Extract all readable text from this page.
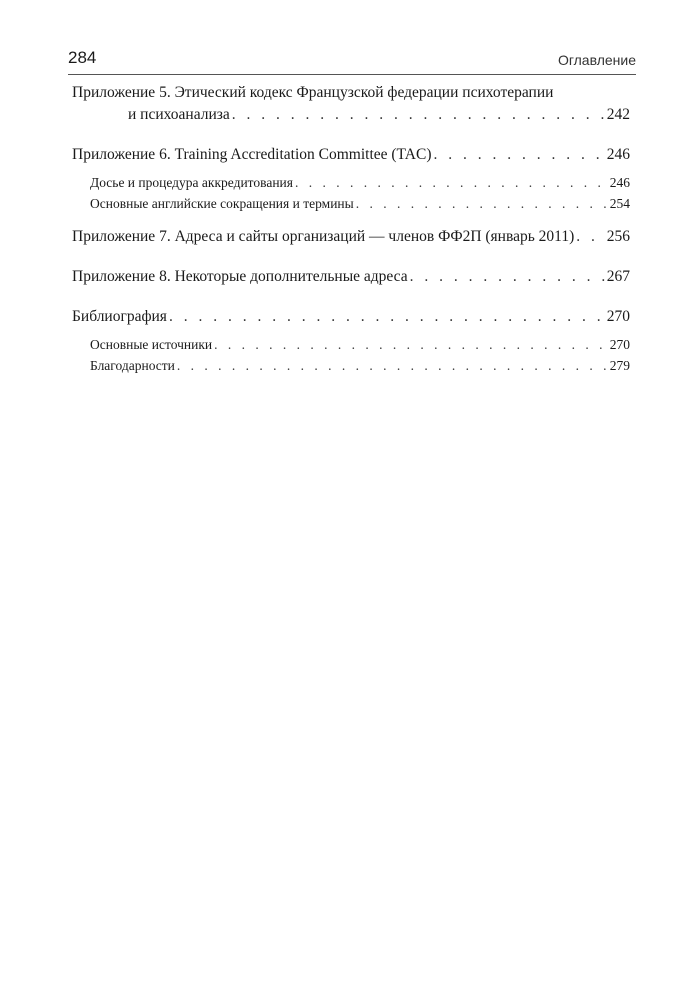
284	Оглавление
Приложение 5. Этический кодекс Французской федерации психотерапии
и психоанализа . . .	242
Приложение 6. Training Accreditation Committee (TAC) . . .	246
Досье и процедура аккредитования . . .	246
Основные английские сокращения и термины . . .	254
Приложение 7. Адреса и сайты организаций — членов ФФ2П (январь 2011) . . . 256
Приложение 8. Некоторые дополнительные адреса . . .	267
Библиография . . .	270
Основные источники . . .	270
Благодарности . . .	279
